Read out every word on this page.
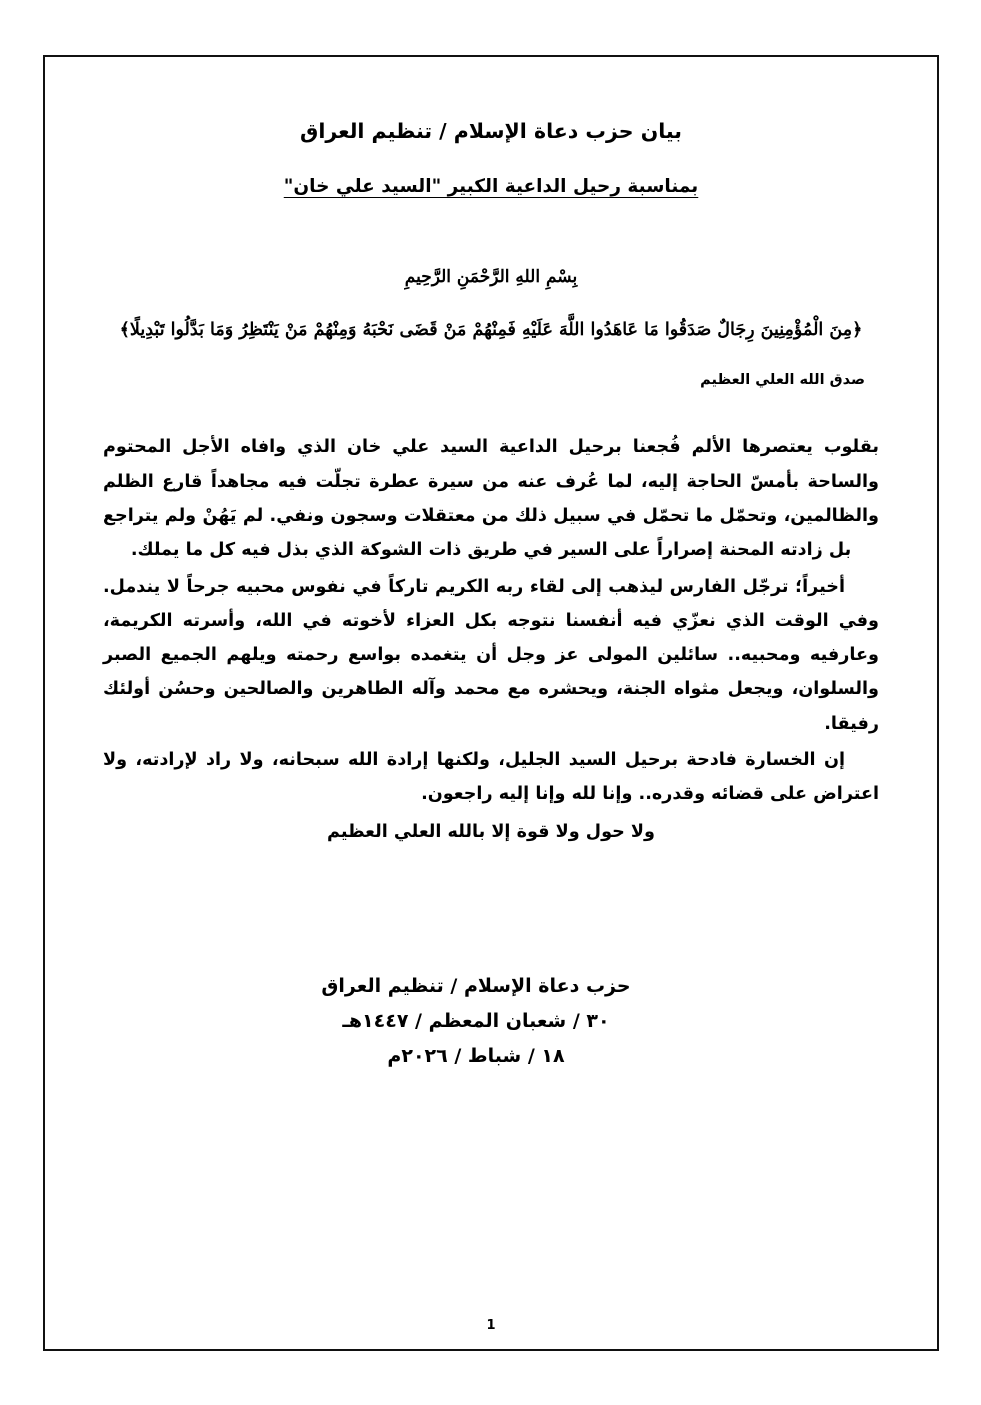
بيان حزب دعاة الإسلام / تنظيم العراق
بمناسبة رحيل الداعية الكبير "السيد علي خان"
بِسْمِ اللهِ الرَّحْمَنِ الرَّحِيمِ
﴿مِنَ الْمُؤْمِنِينَ رِجَالٌ صَدَقُوا مَا عَاهَدُوا اللَّهَ عَلَيْهِ فَمِنْهُمْ مَنْ قَضَى نَحْبَهُ وَمِنْهُمْ مَنْ يَنْتَظِرُ وَمَا بَدَّلُوا تَبْدِيلًا﴾
صدق الله العلي العظيم

بقلوب يعتصرها الألم فُجعنا برحيل الداعية السيد علي خان الذي وافاه الأجل المحتوم والساحة بأمسّ الحاجة إليه، لما عُرف عنه من سيرة عطرة تجلّت فيه مجاهداً قارع الظلم والظالمين، وتحمّل ما تحمّل في سبيل ذلك من معتقلات وسجون ونفي. لم يَهُنْ ولم يتراجع بل زادته المحنة إصراراً على السير في طريق ذات الشوكة الذي بذل فيه كل ما يملك.

أخيراً؛ ترجّل الفارس ليذهب إلى لقاء ربه الكريم تاركاً في نفوس محبيه جرحاً لا يندمل. وفي الوقت الذي نعزّي فيه أنفسنا نتوجه بكل العزاء لأخوته في الله، وأسرته الكريمة، وعارفيه ومحبيه.. سائلين المولى عز وجل أن يتغمده بواسع رحمته ويلهم الجميع الصبر والسلوان، ويجعل مثواه الجنة، ويحشره مع محمد وآله الطاهرين والصالحين وحسُن أولئك رفيقا.

إن الخسارة فادحة برحيل السيد الجليل، ولكنها إرادة الله سبحانه، ولا راد لإرادته، ولا اعتراض على قضائه وقدره.. وإنا لله وإنا إليه راجعون.

ولا حول ولا قوة إلا بالله العلي العظيم
حزب دعاة الإسلام / تنظيم العراق
٣٠ / شعبان المعظم / ١٤٤٧هـ
١٨ / شباط / ٢٠٢٦م
1
